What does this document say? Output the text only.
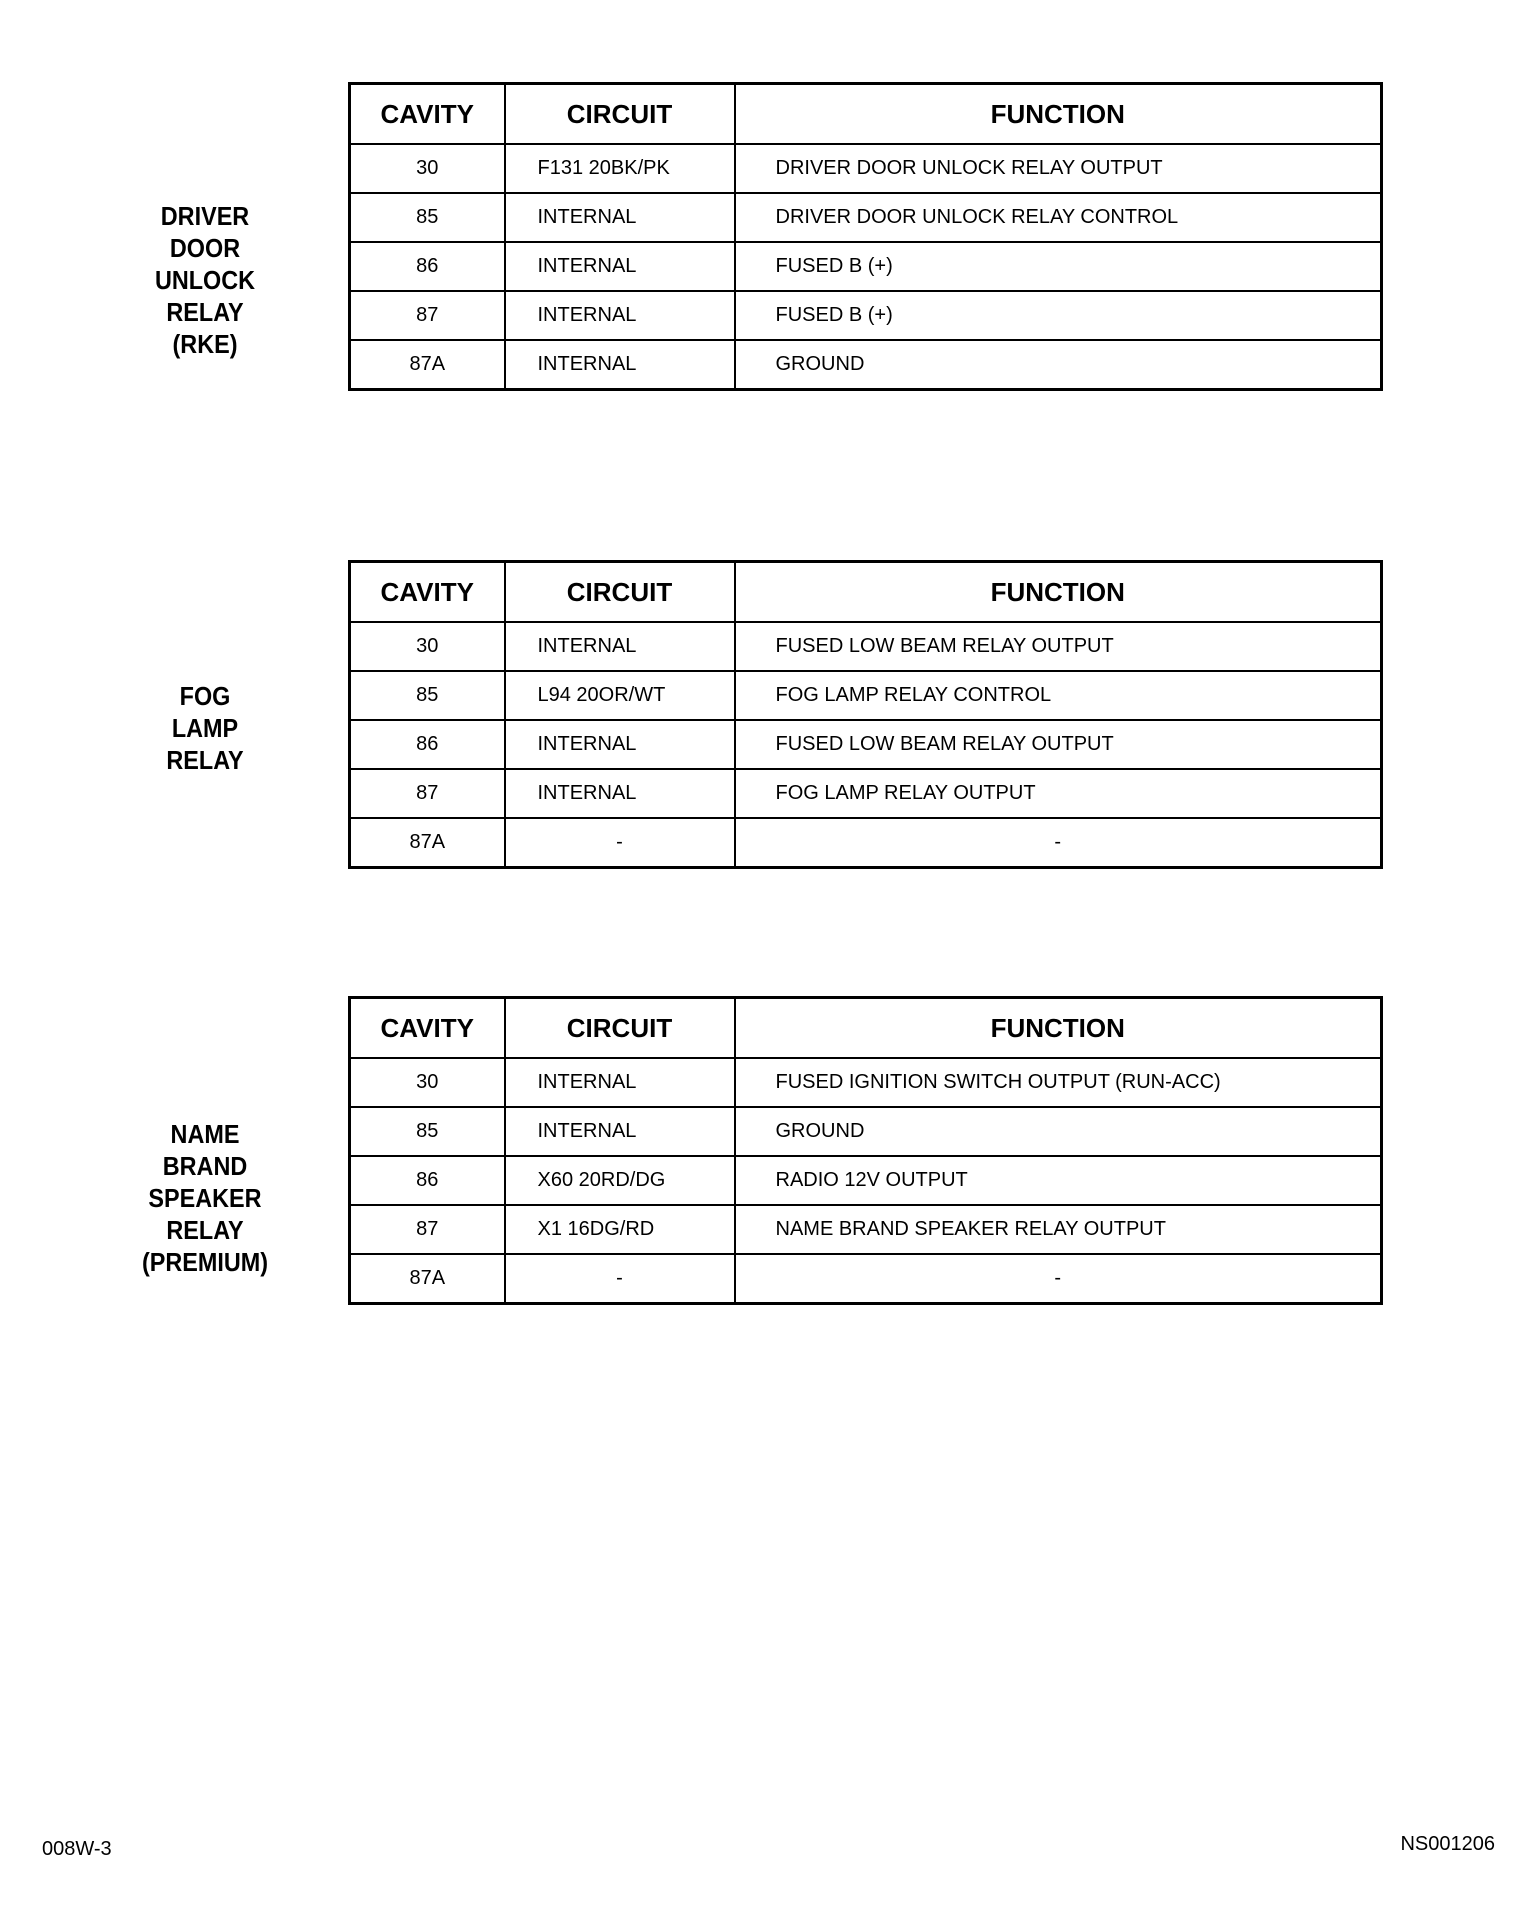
DRIVER
DOOR
UNLOCK
RELAY
(RKE)
CAVITY	CIRCUIT	FUNCTION
30	F131 20BK/PK	DRIVER DOOR UNLOCK RELAY OUTPUT
85	INTERNAL	DRIVER DOOR UNLOCK RELAY CONTROL
86	INTERNAL	FUSED B (+)
87	INTERNAL	FUSED B (+)
87A	INTERNAL	GROUND
FOG
LAMP
RELAY
CAVITY	CIRCUIT	FUNCTION
30	INTERNAL	FUSED LOW BEAM RELAY OUTPUT
85	L94 20OR/WT	FOG LAMP RELAY CONTROL
86	INTERNAL	FUSED LOW BEAM RELAY OUTPUT
87	INTERNAL	FOG LAMP RELAY OUTPUT
87A	-	-
NAME
BRAND
SPEAKER
RELAY
(PREMIUM)
CAVITY	CIRCUIT	FUNCTION
30	INTERNAL	FUSED IGNITION SWITCH OUTPUT (RUN-ACC)
85	INTERNAL	GROUND
86	X60 20RD/DG	RADIO 12V OUTPUT
87	X1 16DG/RD	NAME BRAND SPEAKER RELAY OUTPUT
87A	-	-
008W-3	NS001206
